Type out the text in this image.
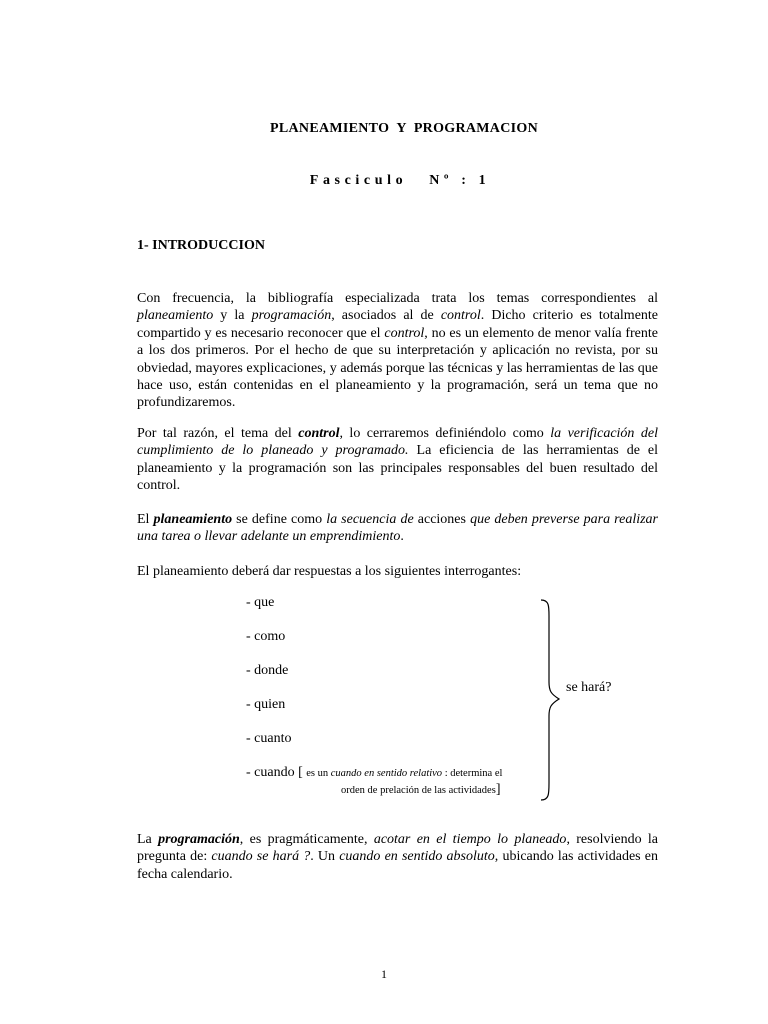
PLANEAMIENTO  Y  PROGRAMACION
Fasciculo Nº : 1
1- INTRODUCCION
Con frecuencia, la bibliografía especializada trata los temas correspondientes al planeamiento y la programación, asociados al de control. Dicho criterio es totalmente compartido y es necesario reconocer que el control, no es un elemento de menor valía frente a los dos primeros. Por el hecho de que su interpretación y aplicación no revista, por su obviedad, mayores explicaciones, y además porque las técnicas y las herramientas de las que hace uso, están contenidas en el planeamiento y la programación, será un tema que no profundizaremos.
Por tal razón, el tema del control, lo cerraremos definiéndolo como la verificación del cumplimiento de lo planeado y programado. La eficiencia de las herramientas de el planeamiento y la programación son las principales responsables del buen resultado del control.
El planeamiento se define como la secuencia de acciones que deben preverse para realizar una tarea o llevar adelante un emprendimiento.
El planeamiento deberá dar respuestas a los siguientes interrogantes:
- que
- como
- donde
- quien
- cuanto
- cuando [ es un cuando en sentido relativo : determina el
orden de prelación de las actividades]
se hará?
La programación, es pragmáticamente, acotar en el tiempo lo planeado, resolviendo la pregunta de: cuando se hará ?. Un cuando en sentido absoluto, ubicando las actividades en fecha calendario.
1
